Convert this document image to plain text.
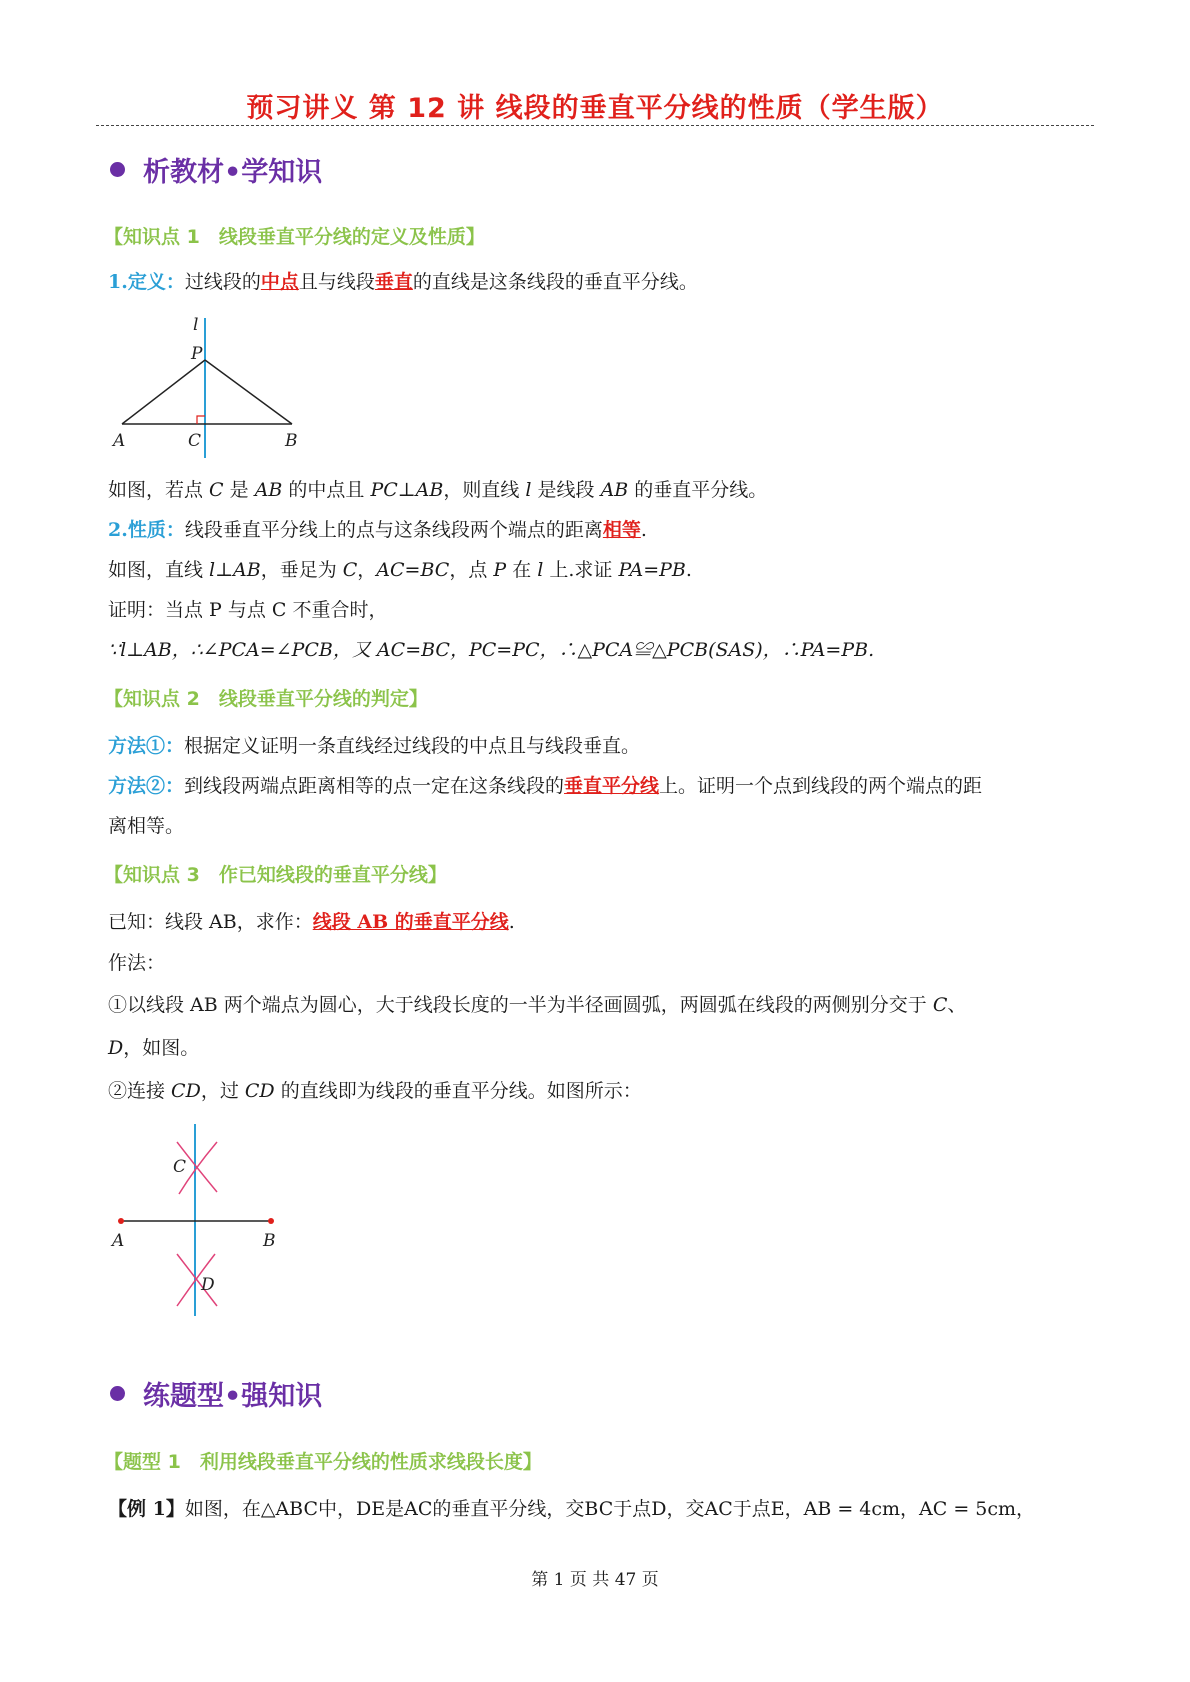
预习讲义 第 12 讲 线段的垂直平分线的性质（学生版）
析教材•学知识
【知识点 1　线段垂直平分线的定义及性质】
1.定义：过线段的中点且与线段垂直的直线是这条线段的垂直平分线。
l
P
A	C	B
如图，若点 C 是 AB 的中点且 PC⊥AB，则直线 l 是线段 AB 的垂直平分线。
2.性质：线段垂直平分线上的点与这条线段两个端点的距离相等.
如图，直线 l⊥AB，垂足为 C，AC=BC，点 P 在 l 上.求证 PA=PB.
证明：当点 P 与点 C 不重合时，
∵l⊥AB，∴∠PCA=∠PCB，又 AC=BC，PC=PC，∴△PCA≌△PCB(SAS)，∴PA=PB.
【知识点 2　线段垂直平分线的判定】
方法①：根据定义证明一条直线经过线段的中点且与线段垂直。
方法②：到线段两端点距离相等的点一定在这条线段的垂直平分线上。证明一个点到线段的两个端点的距
离相等。
【知识点 3　作已知线段的垂直平分线】
已知：线段 AB，求作：线段 AB 的垂直平分线.
作法：
①以线段 AB 两个端点为圆心，大于线段长度的一半为半径画圆弧，两圆弧在线段的两侧别分交于 C、
D，如图。
②连接 CD，过 CD 的直线即为线段的垂直平分线。如图所示：
C
A	B
D
练题型•强知识
【题型 1　利用线段垂直平分线的性质求线段长度】
【例 1】如图，在△ABC中，DE是AC的垂直平分线，交BC于点D，交AC于点E，AB = 4cm，AC = 5cm，
第 1 页 共 47 页
